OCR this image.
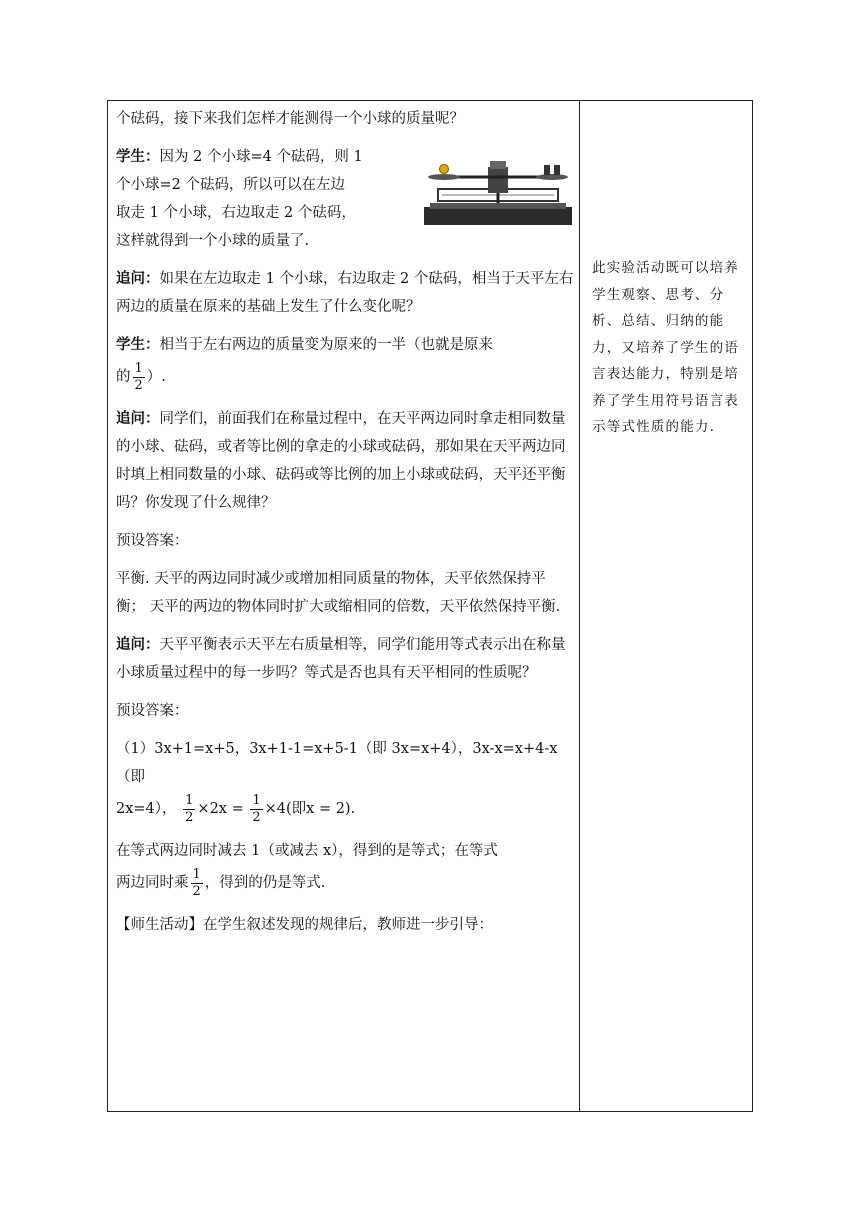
个砝码，接下来我们怎样才能测得一个小球的质量呢？

学生：因为 2 个小球=4 个砝码，则 1

个小球=2 个砝码，所以可以在左边

取走 1 个小球，右边取走 2 个砝码，

这样就得到一个小球的质量了.

追问：如果在左边取走 1 个小球，右边取走 2 个砝码，相当于天平左右两边的质量在原来的基础上发生了什么变化呢？

学生：相当于左右两边的质量变为原来的一半（也就是原来

的 $\frac{1}{2}$ ）.

追问：同学们，前面我们在称量过程中，在天平两边同时拿走相同数量的小球、砝码，或者等比例的拿走的小球或砝码，那如果在天平两边同时填上相同数量的小球、砝码或等比例的加上小球或砝码，天平还平衡吗？你发现了什么规律？

预设答案：

平衡. 天平的两边同时减少或增加相同质量的物体，天平依然保持平衡； 天平的两边的物体同时扩大或缩相同的倍数，天平依然保持平衡.

追问：天平平衡表示天平左右质量相等，同学们能用等式表示出在称量小球质量过程中的每一步吗？等式是否也具有天平相同的性质呢？

预设答案：

（1）3x+1=x+5，3x+1-1=x+5-1（即 3x=x+4），3x-x=x+4-x（即

2x=4）， $\frac{1}{2} \times 2x = \frac{1}{2} \times 4$(即x = 2).

在等式两边同时减去 1（或减去 x），得到的是等式；在等式

两边同时乘 $\frac{1}{2}$ ，得到的仍是等式.

【师生活动】在学生叙述发现的规律后，教师进一步引导：

此实验活动既可以培养学生观察、思考、分析、总结、归纳的能力，又培养了学生的语言表达能力，特别是培养了学生用符号语言表示等式性质的能力.
